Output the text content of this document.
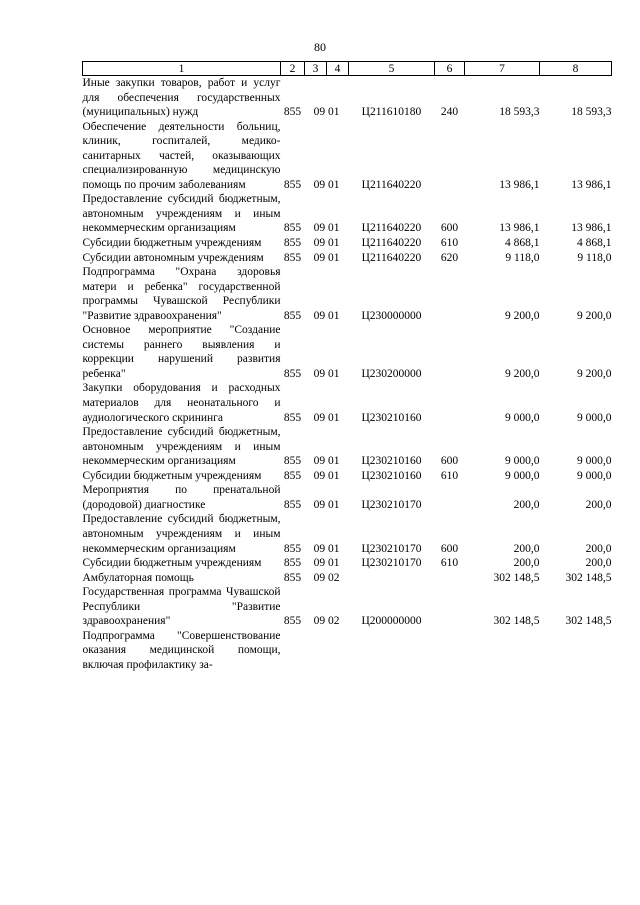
80
1	2	3	4	5	6	7	8
Иные закупки товаров, работ и услуг для обеспечения государственных (муниципальных) нужд	855	09 01		Ц211610180	240	18 593,3	18 593,3
Обеспечение деятельности больниц, клиник, госпиталей, медико-санитарных частей, оказывающих специализированную медицинскую помощь по прочим заболеваниям	855	09 01		Ц211640220		13 986,1	13 986,1
Предоставление субсидий бюджетным, автономным учреждениям и иным некоммерческим организациям	855	09 01		Ц211640220	600	13 986,1	13 986,1
Субсидии бюджетным учреждениям	855	09 01		Ц211640220	610	4 868,1	4 868,1
Субсидии автономным учреждениям	855	09 01		Ц211640220	620	9 118,0	9 118,0
Подпрограмма "Охрана здоровья матери и ребенка" государственной программы Чувашской Республики "Развитие здравоохранения"	855	09 01		Ц230000000		9 200,0	9 200,0
Основное мероприятие "Создание системы раннего выявления и коррекции нарушений развития ребенка"	855	09 01		Ц230200000		9 200,0	9 200,0
Закупки оборудования и расходных материалов для неонатального и аудиологического скрининга	855	09 01		Ц230210160		9 000,0	9 000,0
Предоставление субсидий бюджетным, автономным учреждениям и иным некоммерческим организациям	855	09 01		Ц230210160	600	9 000,0	9 000,0
Субсидии бюджетным учреждениям	855	09 01		Ц230210160	610	9 000,0	9 000,0
Мероприятия по пренатальной (дородовой) диагностике	855	09 01		Ц230210170		200,0	200,0
Предоставление субсидий бюджетным, автономным учреждениям и иным некоммерческим организациям	855	09 01		Ц230210170	600	200,0	200,0
Субсидии бюджетным учреждениям	855	09 01		Ц230210170	610	200,0	200,0
Амбулаторная помощь	855	09 02				302 148,5	302 148,5
Государственная программа Чувашской Республики "Развитие здравоохранения"	855	09 02		Ц200000000		302 148,5	302 148,5
Подпрограмма "Совершенствование оказания медицинской помощи, включая профилактику за-							
